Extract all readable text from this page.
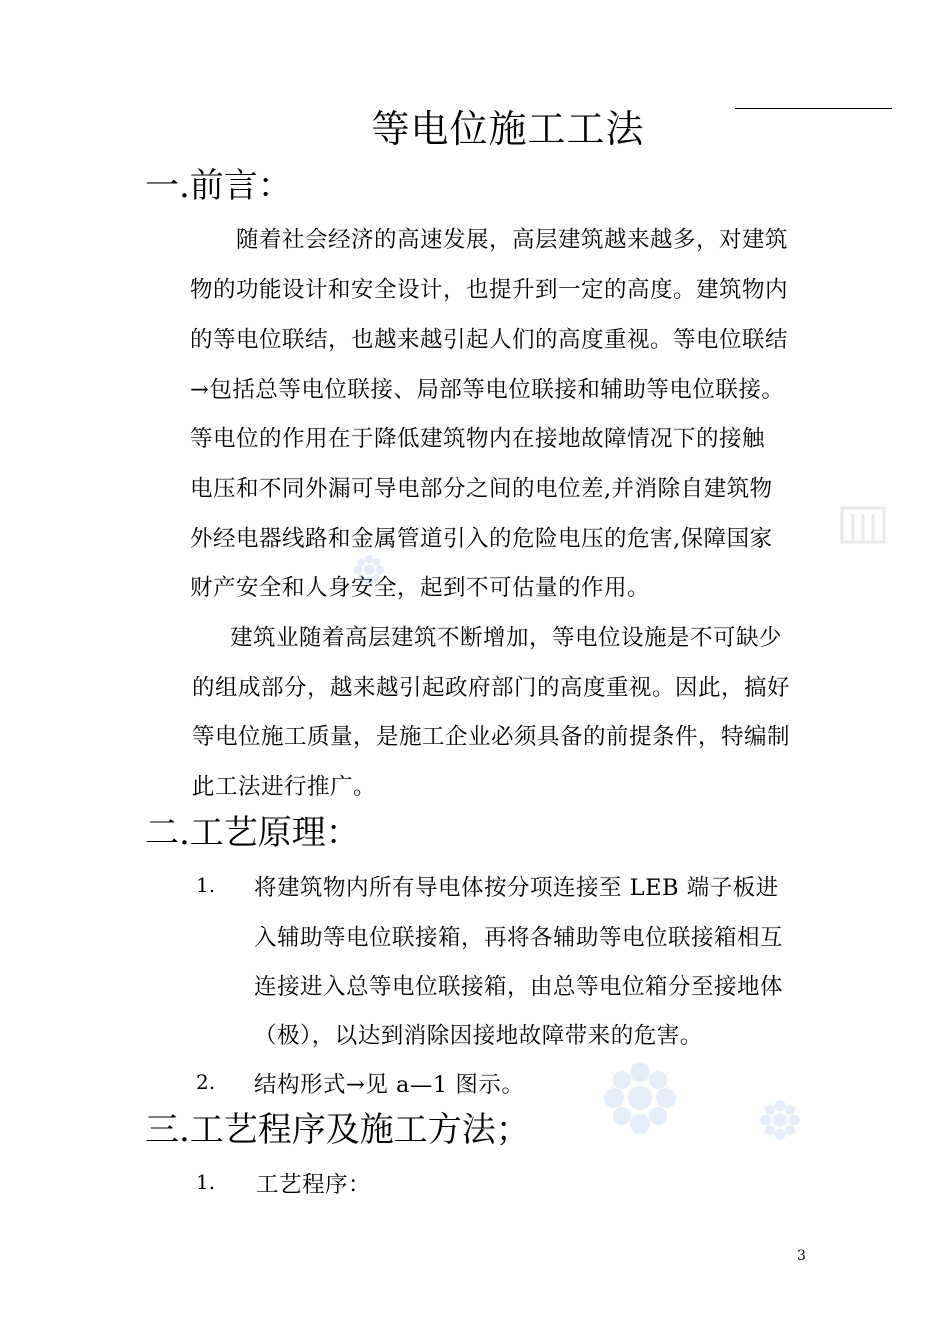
等电位施工工法
一.前言：
随着社会经济的高速发展，高层建筑越来越多，对建筑
物的功能设计和安全设计，也提升到一定的高度。建筑物内
的等电位联结，也越来越引起人们的高度重视。等电位联结
→包括总等电位联接、局部等电位联接和辅助等电位联接。
等电位的作用在于降低建筑物内在接地故障情况下的接触
电压和不同外漏可导电部分之间的电位差,并消除自建筑物
外经电器线路和金属管道引入的危险电压的危害,保障国家
财产安全和人身安全，起到不可估量的作用。
建筑业随着高层建筑不断增加，等电位设施是不可缺少
的组成部分，越来越引起政府部门的高度重视。因此，搞好
等电位施工质量，是施工企业必须具备的前提条件，特编制
此工法进行推广。
二.工艺原理：
1. 将建筑物内所有导电体按分项连接至 LEB 端子板进
入辅助等电位联接箱，再将各辅助等电位联接箱相互
连接进入总等电位联接箱，由总等电位箱分至接地体
（极），以达到消除因接地故障带来的危害。
2. 结构形式→见 a—1 图示。
三.工艺程序及施工方法；
1. 工艺程序：
3
